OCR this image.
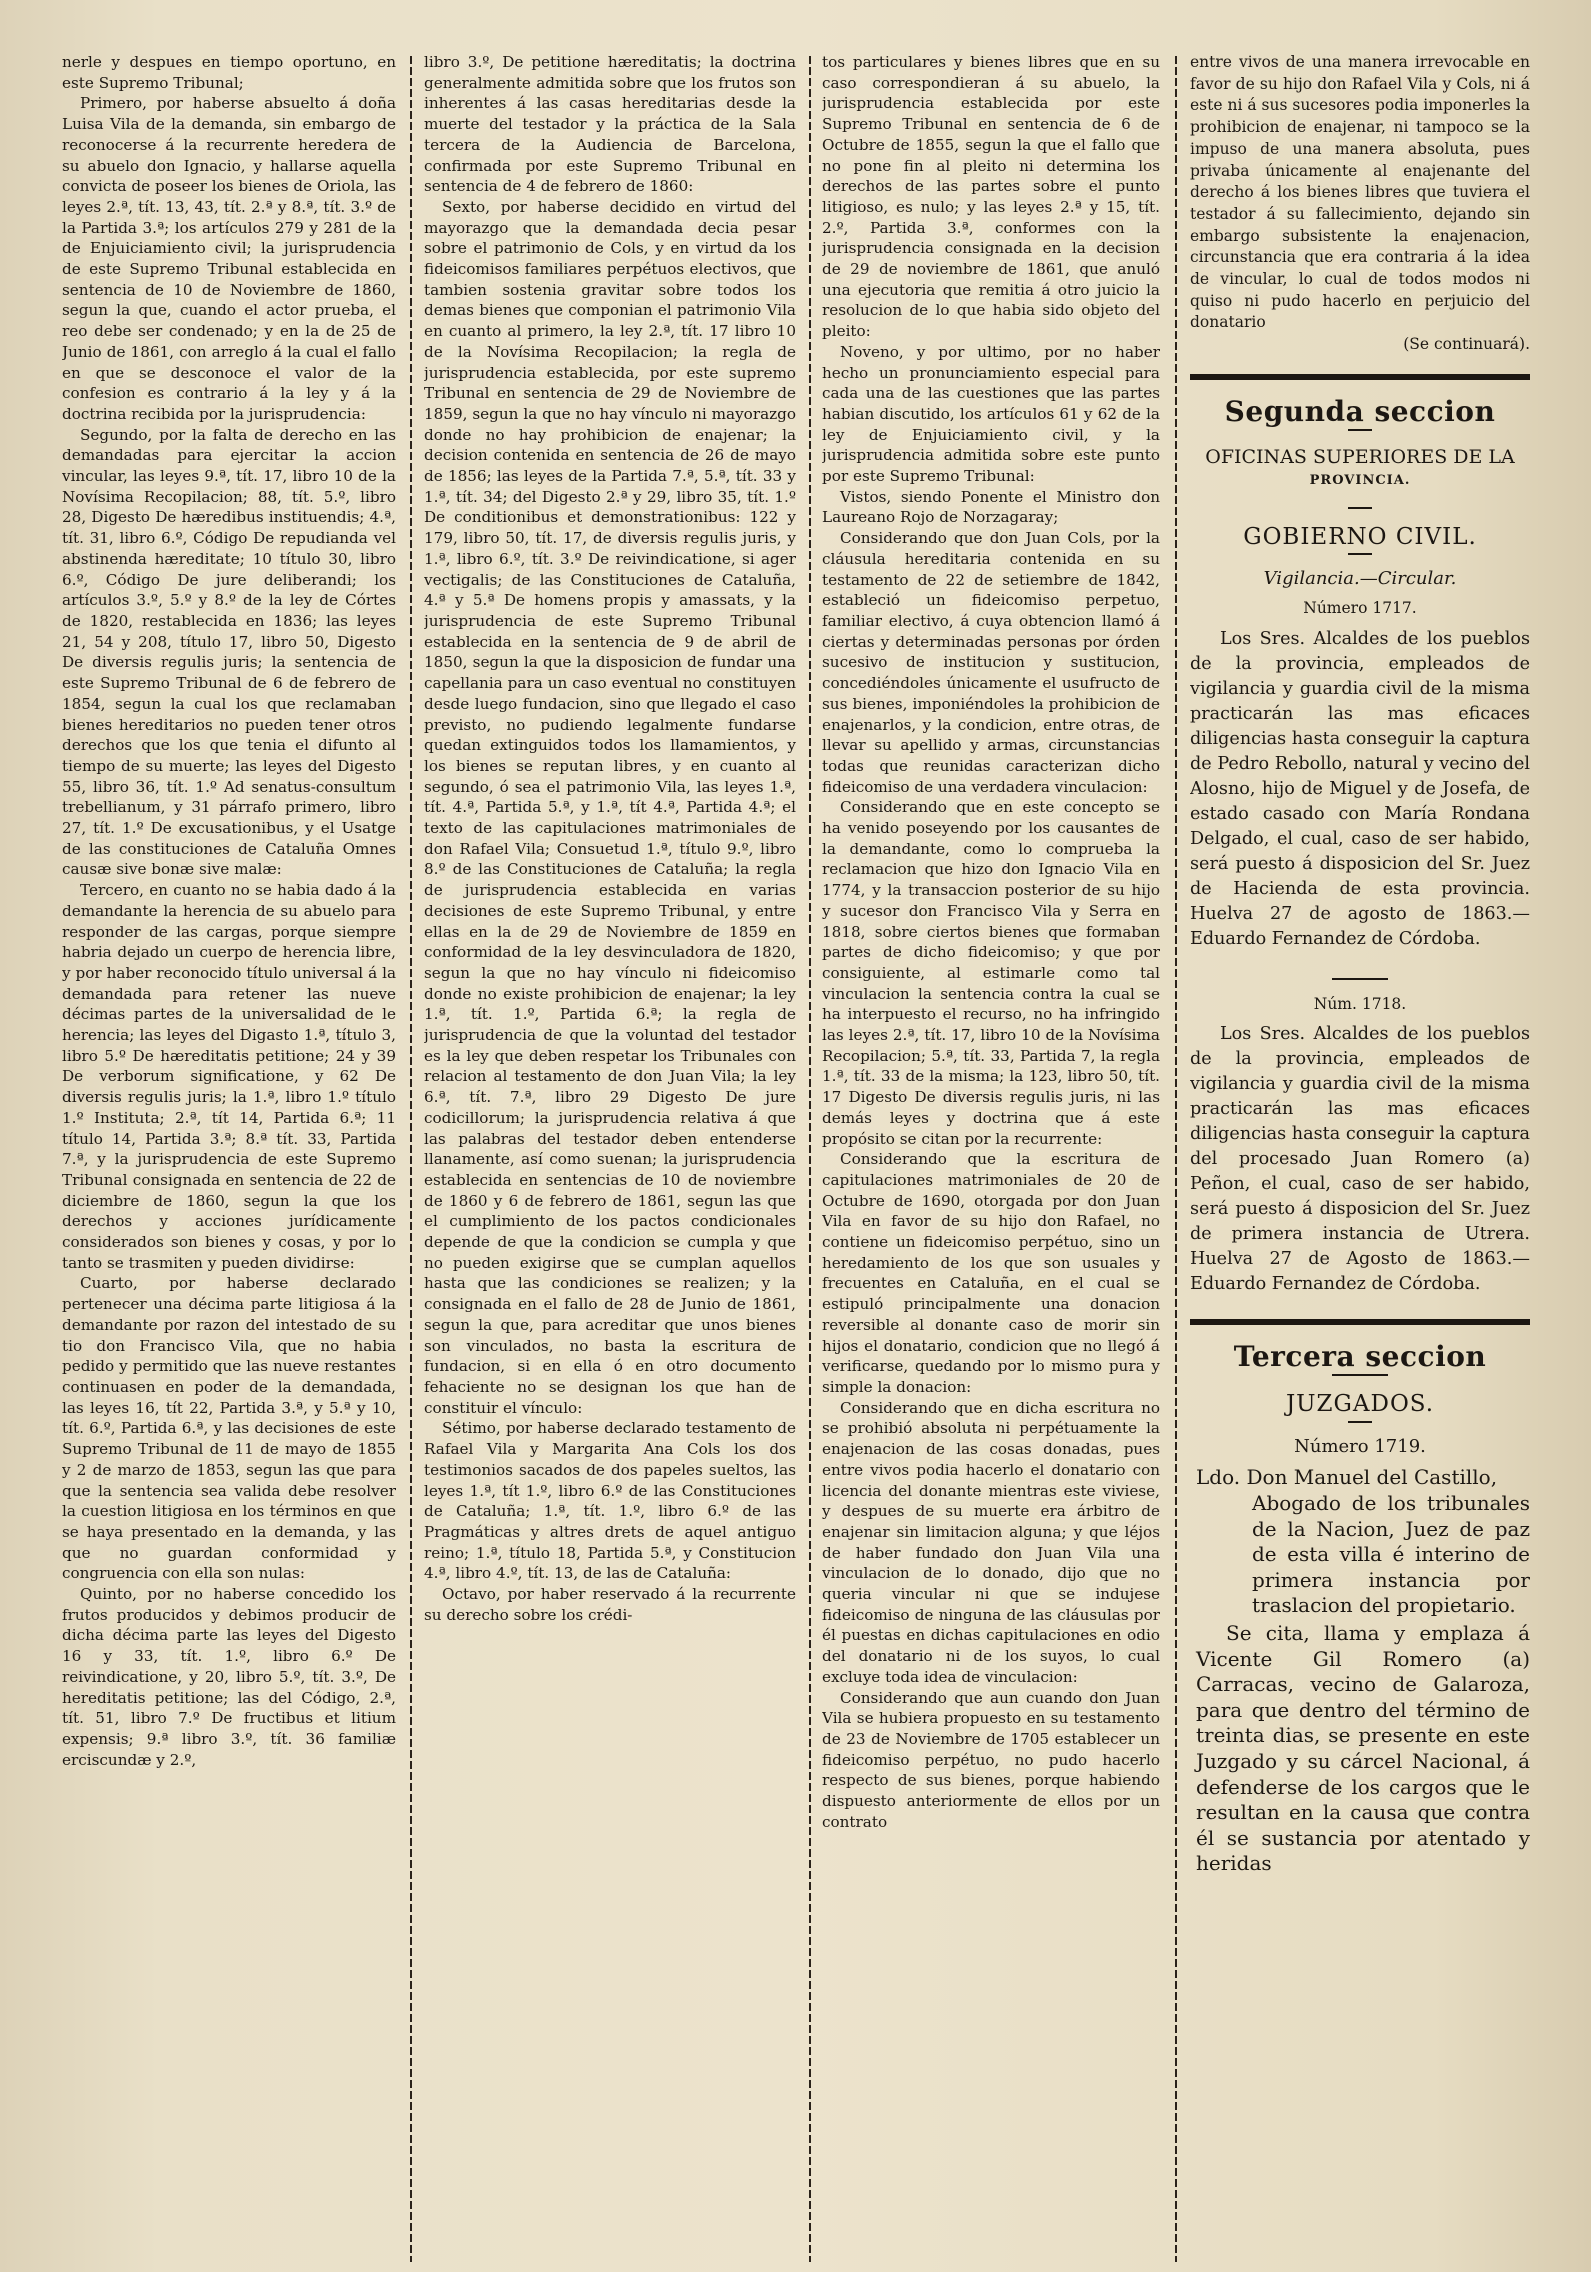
nerle y despues en tiempo oportuno, en este Supremo Tribunal;

Primero, por haberse absuelto á doña Luisa Vila de la demanda, sin embargo de reconocerse á la recurrente heredera de su abuelo don Ignacio, y hallarse aquella convicta de poseer los bienes de Oriola, las leyes 2.ª, tít. 13, 43, tít. 2.ª y 8.ª, tít. 3.º de la Partida 3.ª; los artículos 279 y 281 de la de Enjuiciamiento civil; la jurisprudencia de este Supremo Tribunal establecida en sentencia de 10 de Noviembre de 1860, segun la que, cuando el actor prueba, el reo debe ser condenado; y en la de 25 de Junio de 1861, con arreglo á la cual el fallo en que se desconoce el valor de la confesion es contrario á la ley y á la doctrina recibida por la jurisprudencia:

Segundo, por la falta de derecho en las demandadas para ejercitar la accion vincular, las leyes 9.ª, tít. 17, libro 10 de la Novísima Recopilacion; 88, tít. 5.º, libro 28, Digesto De hæredibus instituendis; 4.ª, tít. 31, libro 6.º, Código De repudianda vel abstinenda hæreditate; 10 título 30, libro 6.º, Código De jure deliberandi; los artículos 3.º, 5.º y 8.º de la ley de Córtes de 1820, restablecida en 1836; las leyes 21, 54 y 208, título 17, libro 50, Digesto De diversis regulis juris; la sentencia de este Supremo Tribunal de 6 de febrero de 1854, segun la cual los que reclamaban bienes hereditarios no pueden tener otros derechos que los que tenia el difunto al tiempo de su muerte; las leyes del Digesto 55, libro 36, tít. 1.º Ad senatus-consultum trebellianum, y 31 párrafo primero, libro 27, tít. 1.º De excusationibus, y el Usatge de las constituciones de Cataluña Omnes causæ sive bonæ sive malæ:

Tercero, en cuanto no se habia dado á la demandante la herencia de su abuelo para responder de las cargas, porque siempre habria dejado un cuerpo de herencia libre, y por haber reconocido título universal á la demandada para retener las nueve décimas partes de la universalidad de le herencia; las leyes del Digasto 1.ª, título 3, libro 5.º De hæreditatis petitione; 24 y 39 De verborum significatione, y 62 De diversis regulis juris; la 1.ª, libro 1.º título 1.º Instituta; 2.ª, tít 14, Partida 6.ª; 11 título 14, Partida 3.ª; 8.ª tít. 33, Partida 7.ª, y la jurisprudencia de este Supremo Tribunal consignada en sentencia de 22 de diciembre de 1860, segun la que los derechos y acciones jurídicamente considerados son bienes y cosas, y por lo tanto se trasmiten y pueden dividirse:

Cuarto, por haberse declarado pertenecer una décima parte litigiosa á la demandante por razon del intestado de su tio don Francisco Vila, que no habia pedido y permitido que las nueve restantes continuasen en poder de la demandada, las leyes 16, tít 22, Partida 3.ª, y 5.ª y 10, tít. 6.º, Partida 6.ª, y las decisiones de este Supremo Tribunal de 11 de mayo de 1855 y 2 de marzo de 1853, segun las que para que la sentencia sea valida debe resolver la cuestion litigiosa en los términos en que se haya presentado en la demanda, y las que no guardan conformidad y congruencia con ella son nulas:

Quinto, por no haberse concedido los frutos producidos y debimos producir de dicha décima parte las leyes del Digesto 16 y 33, tít. 1.º, libro 6.º De reivindicatione, y 20, libro 5.º, tít. 3.º, De hereditatis petitione; las del Código, 2.ª, tít. 51, libro 7.º De fructibus et litium expensis; 9.ª libro 3.º, tít. 36 familiæ erciscundæ y 2.º,

libro 3.º, De petitione hæreditatis; la doctrina generalmente admitida sobre que los frutos son inherentes á las casas hereditarias desde la muerte del testador y la práctica de la Sala tercera de la Audiencia de Barcelona, confirmada por este Supremo Tribunal en sentencia de 4 de febrero de 1860:

Sexto, por haberse decidido en virtud del mayorazgo que la demandada decia pesar sobre el patrimonio de Cols, y en virtud da los fideicomisos familiares perpétuos electivos, que tambien sostenia gravitar sobre todos los demas bienes que componian el patrimonio Vila en cuanto al primero, la ley 2.ª, tít. 17 libro 10 de la Novísima Recopilacion; la regla de jurisprudencia establecida, por este supremo Tribunal en sentencia de 29 de Noviembre de 1859, segun la que no hay vínculo ni mayorazgo donde no hay prohibicion de enajenar; la decision contenida en sentencia de 26 de mayo de 1856; las leyes de la Partida 7.ª, 5.ª, tít. 33 y 1.ª, tít. 34; del Digesto 2.ª y 29, libro 35, tít. 1.º De conditionibus et demonstrationibus: 122 y 179, libro 50, tít. 17, de diversis regulis juris, y 1.ª, libro 6.º, tít. 3.º De reivindicatione, si ager vectigalis; de las Constituciones de Cataluña, 4.ª y 5.ª De homens propis y amassats, y la jurisprudencia de este Supremo Tribunal establecida en la sentencia de 9 de abril de 1850, segun la que la disposicion de fundar una capellania para un caso eventual no constituyen desde luego fundacion, sino que llegado el caso previsto, no pudiendo legalmente fundarse quedan extinguidos todos los llamamientos, y los bienes se reputan libres, y en cuanto al segundo, ó sea el patrimonio Vila, las leyes 1.ª, tít. 4.ª, Partida 5.ª, y 1.ª, tít 4.ª, Partida 4.ª; el texto de las capitulaciones matrimoniales de don Rafael Vila; Consuetud 1.ª, título 9.º, libro 8.º de las Constituciones de Cataluña; la regla de jurisprudencia establecida en varias decisiones de este Supremo Tribunal, y entre ellas en la de 29 de Noviembre de 1859 en conformidad de la ley desvinculadora de 1820, segun la que no hay vínculo ni fideicomiso donde no existe prohibicion de enajenar; la ley 1.ª, tít. 1.º, Partida 6.ª; la regla de jurisprudencia de que la voluntad del testador es la ley que deben respetar los Tribunales con relacion al testamento de don Juan Vila; la ley 6.ª, tít. 7.ª, libro 29 Digesto De jure codicillorum; la jurisprudencia relativa á que las palabras del testador deben entenderse llanamente, así como suenan; la jurisprudencia establecida en sentencias de 10 de noviembre de 1860 y 6 de febrero de 1861, segun las que el cumplimiento de los pactos condicionales depende de que la condicion se cumpla y que no pueden exigirse que se cumplan aquellos hasta que las condiciones se realizen; y la consignada en el fallo de 28 de Junio de 1861, segun la que, para acreditar que unos bienes son vinculados, no basta la escritura de fundacion, si en ella ó en otro documento fehaciente no se designan los que han de constituir el vínculo:

Sétimo, por haberse declarado testamento de Rafael Vila y Margarita Ana Cols los dos testimonios sacados de dos papeles sueltos, las leyes 1.ª, tít 1.º, libro 6.º de las Constituciones de Cataluña; 1.ª, tít. 1.º, libro 6.º de las Pragmáticas y altres drets de aquel antiguo reino; 1.ª, título 18, Partida 5.ª, y Constitucion 4.ª, libro 4.º, tít. 13, de las de Cataluña:

Octavo, por haber reservado á la recurrente su derecho sobre los crédi-

tos particulares y bienes libres que en su caso correspondieran á su abuelo, la jurisprudencia establecida por este Supremo Tribunal en sentencia de 6 de Octubre de 1855, segun la que el fallo que no pone fin al pleito ni determina los derechos de las partes sobre el punto litigioso, es nulo; y las leyes 2.ª y 15, tít. 2.º, Partida 3.ª, conformes con la jurisprudencia consignada en la decision de 29 de noviembre de 1861, que anuló una ejecutoria que remitia á otro juicio la resolucion de lo que habia sido objeto del pleito:

Noveno, y por ultimo, por no haber hecho un pronunciamiento especial para cada una de las cuestiones que las partes habian discutido, los artículos 61 y 62 de la ley de Enjuiciamiento civil, y la jurisprudencia admitida sobre este punto por este Supremo Tribunal:

Vistos, siendo Ponente el Ministro don Laureano Rojo de Norzagaray;

Considerando que don Juan Cols, por la cláusula hereditaria contenida en su testamento de 22 de setiembre de 1842, estableció un fideicomiso perpetuo, familiar electivo, á cuya obtencion llamó á ciertas y determinadas personas por órden sucesivo de institucion y sustitucion, concediéndoles únicamente el usufructo de sus bienes, imponiéndoles la prohibicion de enajenarlos, y la condicion, entre otras, de llevar su apellido y armas, circunstancias todas que reunidas caracterizan dicho fideicomiso de una verdadera vinculacion:

Considerando que en este concepto se ha venido poseyendo por los causantes de la demandante, como lo comprueba la reclamacion que hizo don Ignacio Vila en 1774, y la transaccion posterior de su hijo y sucesor don Francisco Vila y Serra en 1818, sobre ciertos bienes que formaban partes de dicho fideicomiso; y que por consiguiente, al estimarle como tal vinculacion la sentencia contra la cual se ha interpuesto el recurso, no ha infringido las leyes 2.ª, tít. 17, libro 10 de la Novísima Recopilacion; 5.ª, tít. 33, Partida 7, la regla 1.ª, tít. 33 de la misma; la 123, libro 50, tít. 17 Digesto De diversis regulis juris, ni las demás leyes y doctrina que á este propósito se citan por la recurrente:

Considerando que la escritura de capitulaciones matrimoniales de 20 de Octubre de 1690, otorgada por don Juan Vila en favor de su hijo don Rafael, no contiene un fideicomiso perpétuo, sino un heredamiento de los que son usuales y frecuentes en Cataluña, en el cual se estipuló principalmente una donacion reversible al donante caso de morir sin hijos el donatario, condicion que no llegó á verificarse, quedando por lo mismo pura y simple la donacion:

Considerando que en dicha escritura no se prohibió absoluta ni perpétuamente la enajenacion de las cosas donadas, pues entre vivos podia hacerlo el donatario con licencia del donante mientras este viviese, y despues de su muerte era árbitro de enajenar sin limitacion alguna; y que léjos de haber fundado don Juan Vila una vinculacion de lo donado, dijo que no queria vincular ni que se indujese fideicomiso de ninguna de las cláusulas por él puestas en dichas capitulaciones en odio del donatario ni de los suyos, lo cual excluye toda idea de vinculacion:

Considerando que aun cuando don Juan Vila se hubiera propuesto en su testamento de 23 de Noviembre de 1705 establecer un fideicomiso perpétuo, no pudo hacerlo respecto de sus bienes, porque habiendo dispuesto anteriormente de ellos por un contrato

entre vivos de una manera irrevocable en favor de su hijo don Rafael Vila y Cols, ni á este ni á sus sucesores podia imponerles la prohibicion de enajenar, ni tampoco se la impuso de una manera absoluta, pues privaba únicamente al enajenante del derecho á los bienes libres que tuviera el testador á su fallecimiento, dejando sin embargo subsistente la enajenacion, circunstancia que era contraria á la idea de vincular, lo cual de todos modos ni quiso ni pudo hacerlo en perjuicio del donatario

(Se continuará).

Segunda seccion
OFICINAS SUPERIORES DE LA
PROVINCIA.
GOBIERNO CIVIL.
Vigilancia.—Circular.
Número 1717.

Los Sres. Alcaldes de los pueblos de la provincia, empleados de vigilancia y guardia civil de la misma practicarán las mas eficaces diligencias hasta conseguir la captura de Pedro Rebollo, natural y vecino del Alosno, hijo de Miguel y de Josefa, de estado casado con María Rondana Delgado, el cual, caso de ser habido, será puesto á disposicion del Sr. Juez de Hacienda de esta provincia. Huelva 27 de agosto de 1863.—Eduardo Fernandez de Córdoba.

Núm. 1718.

Los Sres. Alcaldes de los pueblos de la provincia, empleados de vigilancia y guardia civil de la misma practicarán las mas eficaces diligencias hasta conseguir la captura del procesado Juan Romero (a) Peñon, el cual, caso de ser habido, será puesto á disposicion del Sr. Juez de primera instancia de Utrera. Huelva 27 de Agosto de 1863.—Eduardo Fernandez de Córdoba.

Tercera seccion
JUZGADOS.
Número 1719.
Ldo. Don Manuel del Castillo,
Abogado de los tribunales de la Nacion, Juez de paz de esta villa é interino de primera instancia por traslacion del propietario.
Se cita, llama y emplaza á Vicente Gil Romero (a) Carracas, vecino de Galaroza, para que dentro del término de treinta dias, se presente en este Juzgado y su cárcel Nacional, á defenderse de los cargos que le resultan en la causa que contra él se sustancia por atentado y heridas
